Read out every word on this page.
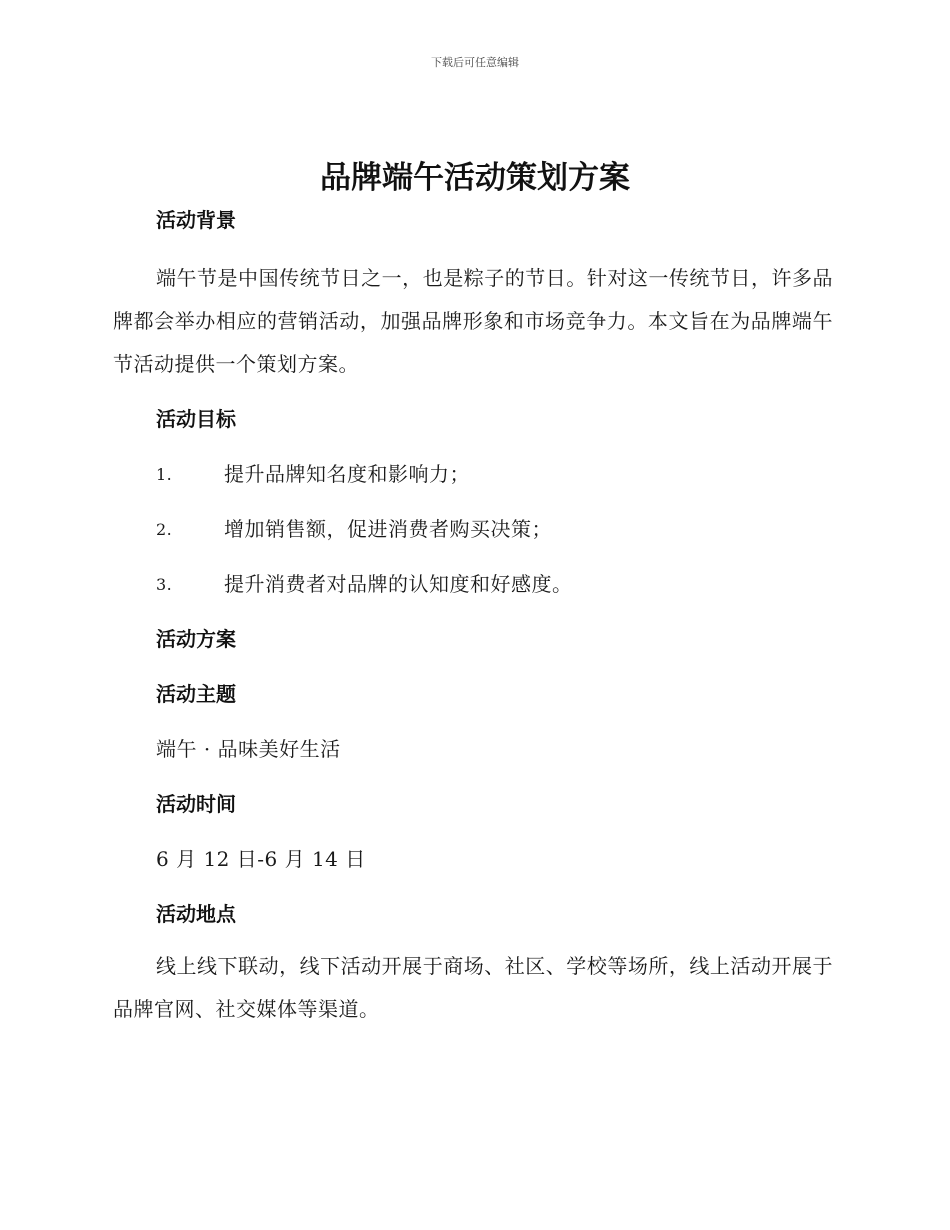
下载后可任意编辑
品牌端午活动策划方案
活动背景

端午节是中国传统节日之一，也是粽子的节日。针对这一传统节日，许多品牌都会举办相应的营销活动，加强品牌形象和市场竞争力。本文旨在为品牌端午节活动提供一个策划方案。

活动目标

1.	提升品牌知名度和影响力；

2.	增加销售额，促进消费者购买决策；

3.	提升消费者对品牌的认知度和好感度。

活动方案
活动主题

端午 · 品味美好生活

活动时间

6 月 12 日-6 月 14 日

活动地点

线上线下联动，线下活动开展于商场、社区、学校等场所，线上活动开展于品牌官网、社交媒体等渠道。
